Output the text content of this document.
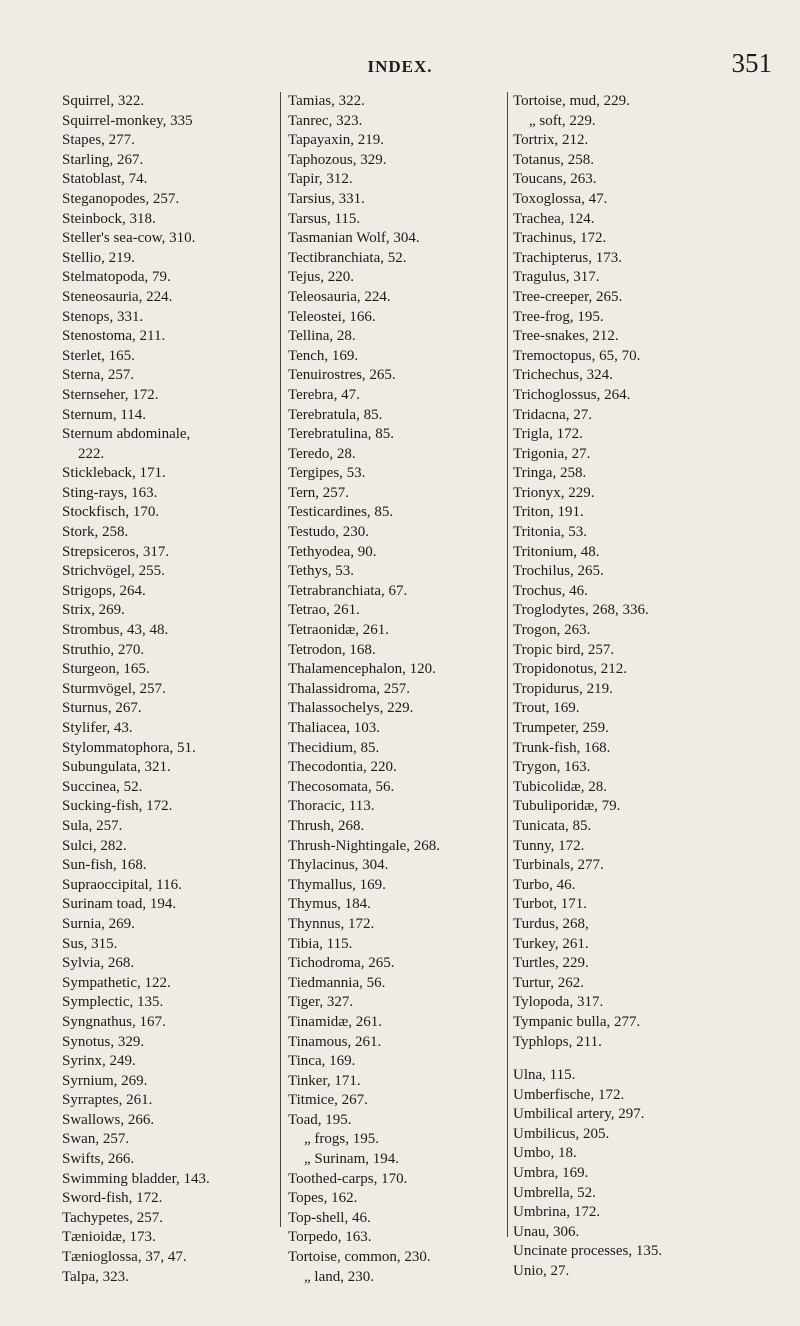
INDEX.	351
Squirrel, 322.
Squirrel-monkey, 335
Stapes, 277.
Starling, 267.
Statoblast, 74.
Steganopodes, 257.
Steinbock, 318.
Steller's sea-cow, 310.
Stellio, 219.
Stelmatopoda, 79.
Steneosauria, 224.
Stenops, 331.
Stenostoma, 211.
Sterlet, 165.
Sterna, 257.
Sternseher, 172.
Sternum, 114.
Sternum abdominale,
222.
Stickleback, 171.
Sting-rays, 163.
Stockfisch, 170.
Stork, 258.
Strepsiceros, 317.
Strichvögel, 255.
Strigops, 264.
Strix, 269.
Strombus, 43, 48.
Struthio, 270.
Sturgeon, 165.
Sturmvögel, 257.
Sturnus, 267.
Stylifer, 43.
Stylommatophora, 51.
Subungulata, 321.
Succinea, 52.
Sucking-fish, 172.
Sula, 257.
Sulci, 282.
Sun-fish, 168.
Supraoccipital, 116.
Surinam toad, 194.
Surnia, 269.
Sus, 315.
Sylvia, 268.
Sympathetic, 122.
Symplectic, 135.
Syngnathus, 167.
Synotus, 329.
Syrinx, 249.
Syrnium, 269.
Syrraptes, 261.
Swallows, 266.
Swan, 257.
Swifts, 266.
Swimming bladder, 143.
Sword-fish, 172.
Tachypetes, 257.
Tænioidæ, 173.
Tænioglossa, 37, 47.
Talpa, 323.
Tamias, 322.
Tanrec, 323.
Tapayaxin, 219.
Taphozous, 329.
Tapir, 312.
Tarsius, 331.
Tarsus, 115.
Tasmanian Wolf, 304.
Tectibranchiata, 52.
Tejus, 220.
Teleosauria, 224.
Teleostei, 166.
Tellina, 28.
Tench, 169.
Tenuirostres, 265.
Terebra, 47.
Terebratula, 85.
Terebratulina, 85.
Teredo, 28.
Tergipes, 53.
Tern, 257.
Testicardines, 85.
Testudo, 230.
Tethyodea, 90.
Tethys, 53.
Tetrabranchiata, 67.
Tetrao, 261.
Tetraonidæ, 261.
Tetrodon, 168.
Thalamencephalon, 120.
Thalassidroma, 257.
Thalassochelys, 229.
Thaliacea, 103.
Thecidium, 85.
Thecodontia, 220.
Thecosomata, 56.
Thoracic, 113.
Thrush, 268.
Thrush-Nightingale, 268.
Thylacinus, 304.
Thymallus, 169.
Thymus, 184.
Thynnus, 172.
Tibia, 115.
Tichodroma, 265.
Tiedmannia, 56.
Tiger, 327.
Tinamidæ, 261.
Tinamous, 261.
Tinca, 169.
Tinker, 171.
Titmice, 267.
Toad, 195.
„ frogs, 195.
„ Surinam, 194.
Toothed-carps, 170.
Topes, 162.
Top-shell, 46.
Torpedo, 163.
Tortoise, common, 230.
„ land, 230.
Tortoise, mud, 229.
„ soft, 229.
Tortrix, 212.
Totanus, 258.
Toucans, 263.
Toxoglossa, 47.
Trachea, 124.
Trachinus, 172.
Trachipterus, 173.
Tragulus, 317.
Tree-creeper, 265.
Tree-frog, 195.
Tree-snakes, 212.
Tremoctopus, 65, 70.
Trichechus, 324.
Trichoglossus, 264.
Tridacna, 27.
Trigla, 172.
Trigonia, 27.
Tringa, 258.
Trionyx, 229.
Triton, 191.
Tritonia, 53.
Tritonium, 48.
Trochilus, 265.
Trochus, 46.
Troglodytes, 268, 336.
Trogon, 263.
Tropic bird, 257.
Tropidonotus, 212.
Tropidurus, 219.
Trout, 169.
Trumpeter, 259.
Trunk-fish, 168.
Trygon, 163.
Tubicolidæ, 28.
Tubuliporidæ, 79.
Tunicata, 85.
Tunny, 172.
Turbinals, 277.
Turbo, 46.
Turbot, 171.
Turdus, 268,
Turkey, 261.
Turtles, 229.
Turtur, 262.
Tylopoda, 317.
Tympanic bulla, 277.
Typhlops, 211.
Ulna, 115.
Umberfische, 172.
Umbilical artery, 297.
Umbilicus, 205.
Umbo, 18.
Umbra, 169.
Umbrella, 52.
Umbrina, 172.
Unau, 306.
Uncinate processes, 135.
Unio, 27.
